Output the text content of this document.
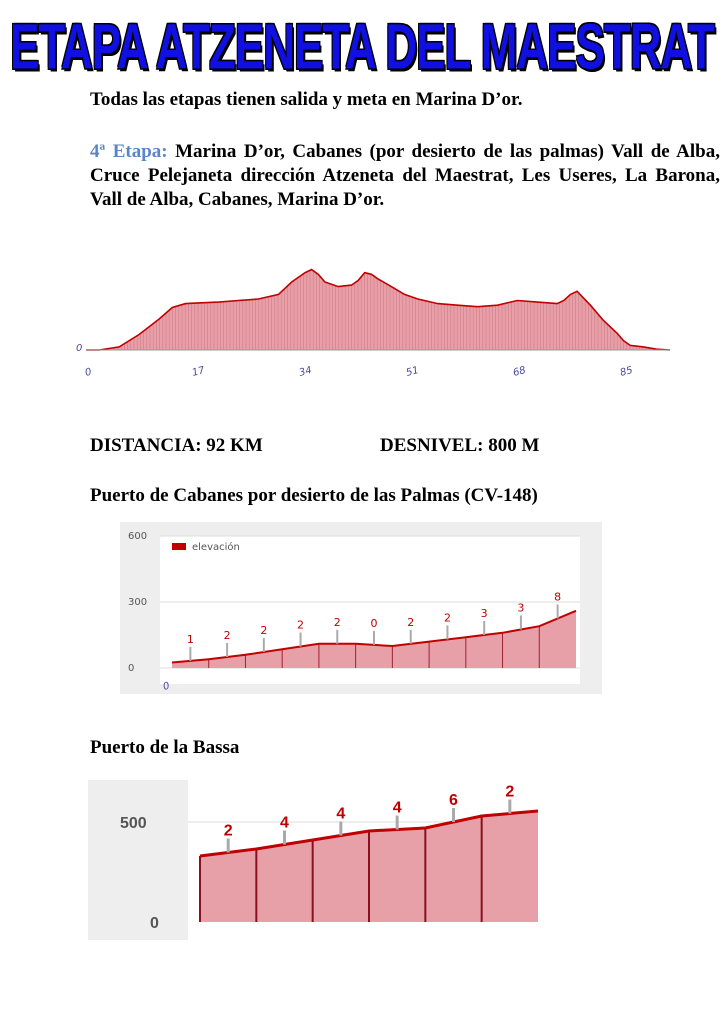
ETAPA ATZENETA DEL MAESTRAT
Todas las etapas tienen salida y meta en Marina D’or.
4ª Etapa: Marina D’or, Cabanes (por desierto de las palmas) Vall de Alba, Cruce Pelejaneta dirección Atzeneta del Maestrat, Les Useres, La Barona, Vall de Alba, Cabanes, Marina D’or.
0
0	17	34	51	68	85
DISTANCIA: 92 KM	DESNIVEL: 800 M
Puerto de Cabanes por desierto de las Palmas (CV-148)
1	2	2	2	2	0	2	2	3	3
8
600
300
0
0
elevación
Puerto de la Bassa
2	4
4	4	6	2
500
0
